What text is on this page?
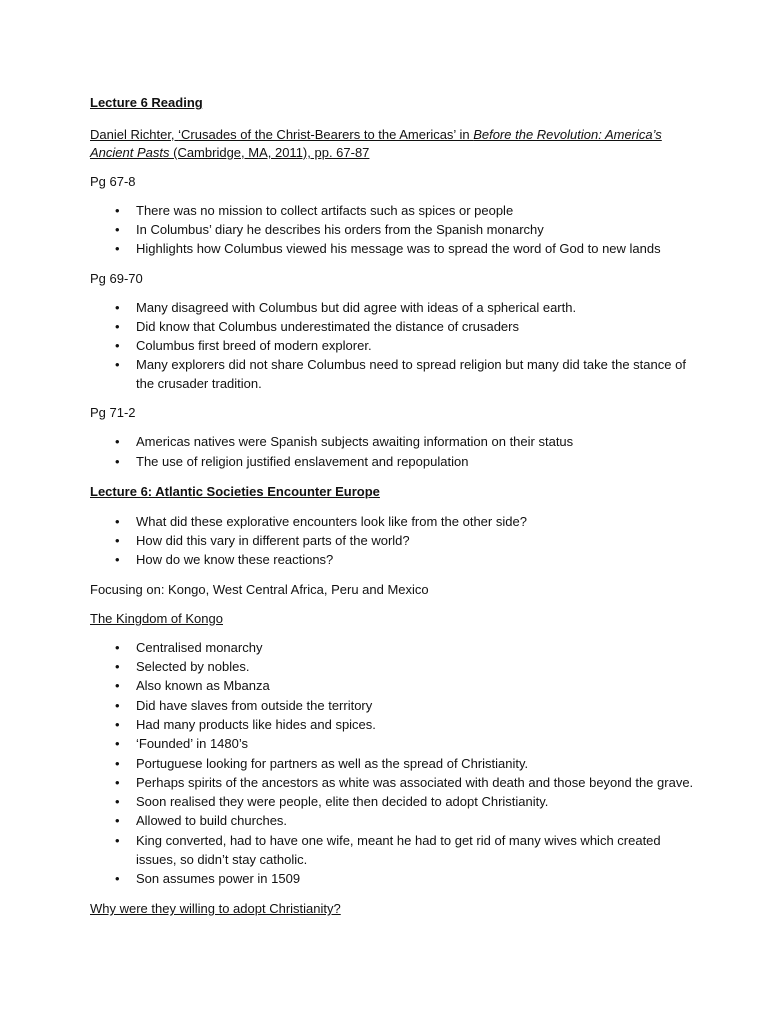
Lecture 6 Reading
Daniel Richter, ‘Crusades of the Christ-Bearers to the Americas’ in Before the Revolution: America’s
Ancient Pasts (Cambridge, MA, 2011), pp. 67-87
Pg 67-8
• There was no mission to collect artifacts such as spices or people
• In Columbus’ diary he describes his orders from the Spanish monarchy
• Highlights how Columbus viewed his message was to spread the word of God to new lands
Pg 69-70
• Many disagreed with Columbus but did agree with ideas of a spherical earth.
• Did know that Columbus underestimated the distance of crusaders
• Columbus first breed of modern explorer.
• Many explorers did not share Columbus need to spread religion but many did take the stance of
the crusader tradition.
Pg 71-2
• Americas natives were Spanish subjects awaiting information on their status
• The use of religion justified enslavement and repopulation
Lecture 6: Atlantic Societies Encounter Europe
• What did these explorative encounters look like from the other side?
• How did this vary in different parts of the world?
• How do we know these reactions?
Focusing on: Kongo, West Central Africa, Peru and Mexico
The Kingdom of Kongo
• Centralised monarchy
• Selected by nobles.
• Also known as Mbanza
• Did have slaves from outside the territory
• Had many products like hides and spices.
• ‘Founded’ in 1480’s
• Portuguese looking for partners as well as the spread of Christianity.
• Perhaps spirits of the ancestors as white was associated with death and those beyond the grave.
• Soon realised they were people, elite then decided to adopt Christianity.
• Allowed to build churches.
• King converted, had to have one wife, meant he had to get rid of many wives which created
issues, so didn’t stay catholic.
• Son assumes power in 1509
Why were they willing to adopt Christianity?
